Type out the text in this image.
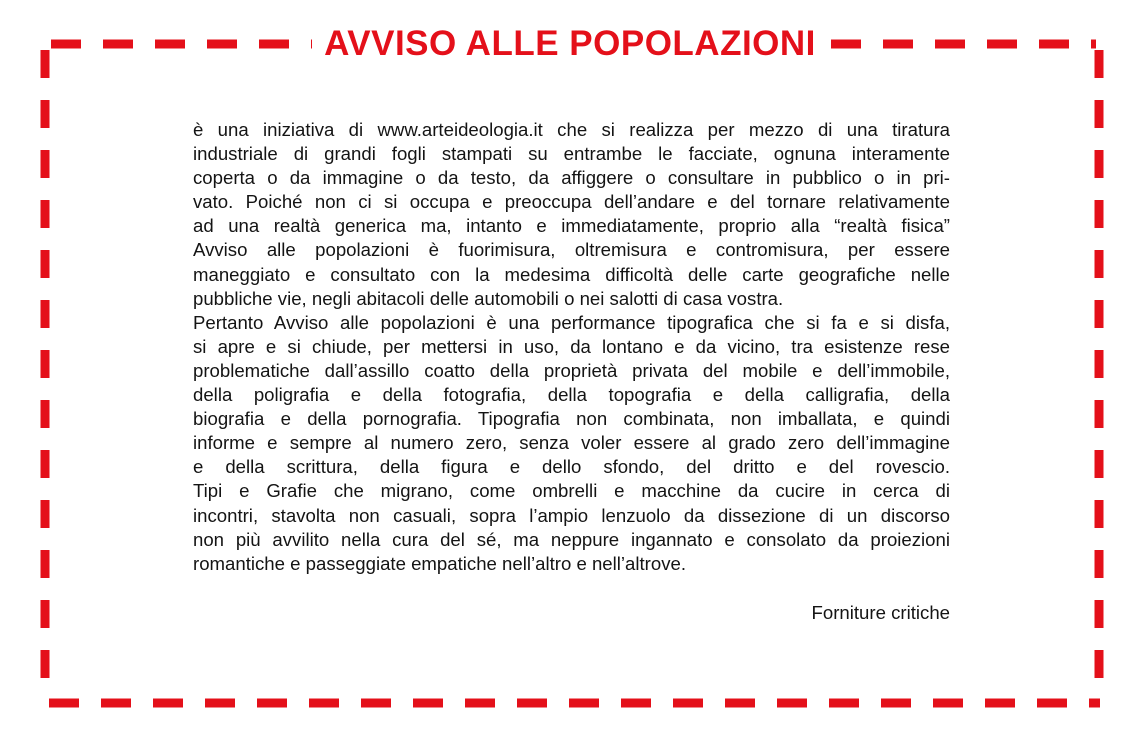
AVVISO ALLE POPOLAZIONI
è una iniziativa di www.arteideologia.it che si realizza per mezzo di una tiratura
industriale di grandi fogli stampati su entrambe le facciate, ognuna interamente
coperta o da immagine o da testo, da affiggere o consultare in pubblico o in pri-
vato. Poiché non ci si occupa e preoccupa dell’andare e del tornare relativamente
ad una realtà generica ma, intanto e immediatamente, proprio alla “realtà fisica”
Avviso alle popolazioni è fuorimisura, oltremisura e contromisura, per essere
maneggiato e consultato con la medesima difficoltà delle carte geografiche nelle
pubbliche vie, negli abitacoli delle automobili o nei salotti di casa vostra.
Pertanto Avviso alle popolazioni è una performance tipografica che si fa e si disfa,
si apre e si chiude, per mettersi in uso, da lontano e da vicino, tra esistenze rese
problematiche dall’assillo coatto della proprietà privata del mobile e dell’immobile,
della poligrafia e della fotografia, della topografia e della calligrafia, della
biografia e della pornografia. Tipografia non combinata, non imballata, e quindi
informe e sempre al numero zero, senza voler essere al grado zero dell’immagine
e della scrittura, della figura e dello sfondo, del dritto e del rovescio.
Tipi e Grafie che migrano, come ombrelli e macchine da cucire in cerca di
incontri, stavolta non casuali, sopra l’ampio lenzuolo da dissezione di un discorso
non più avvilito nella cura del sé, ma neppure ingannato e consolato da proiezioni
romantiche e passeggiate empatiche nell’altro e nell’altrove.
Forniture critiche
